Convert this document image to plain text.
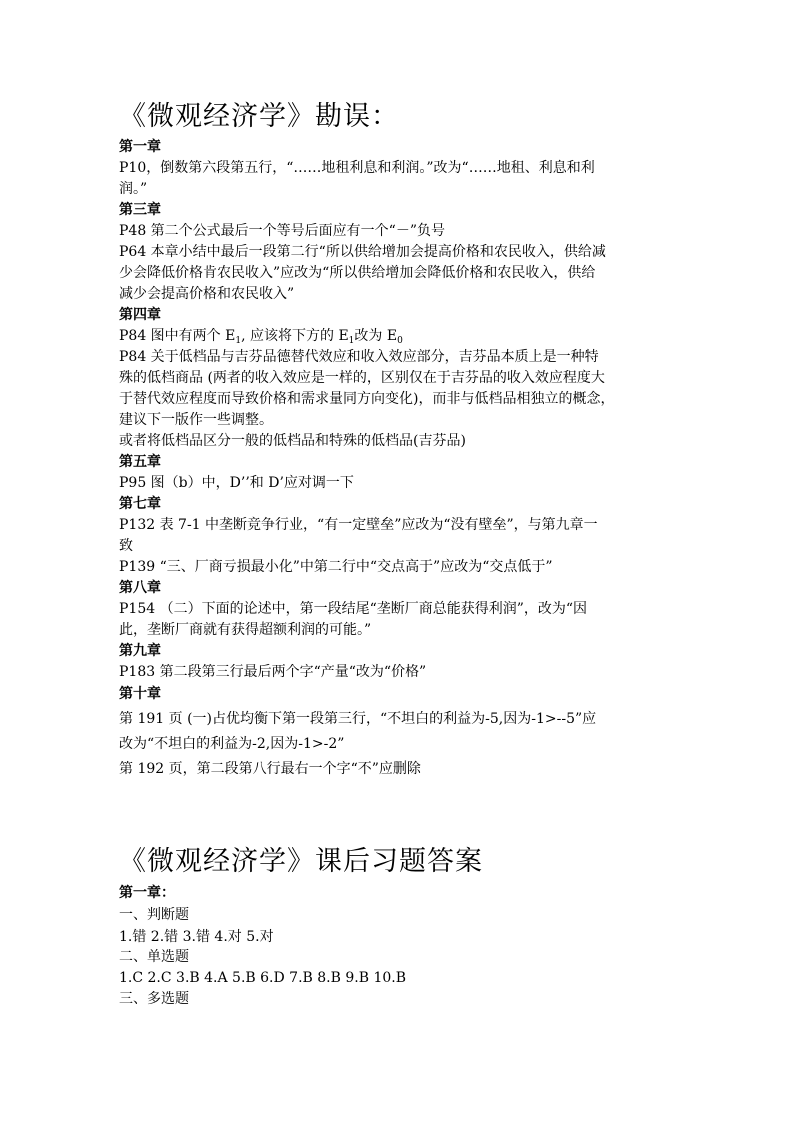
《微观经济学》勘误：
第一章
P10，倒数第六段第五行，“……地租利息和利润。”改为“……地租、利息和利
润。”
第三章
P48 第二个公式最后一个等号后面应有一个“－”负号
P64 本章小结中最后一段第二行“所以供给增加会提高价格和农民收入，供给减
少会降低价格肯农民收入”应改为“所以供给增加会降低价格和农民收入，供给
减少会提高价格和农民收入”
第四章
P84 图中有两个 $E_1$, 应该将下方的 $E_1$改为 $E_0$
P84 关于低档品与吉芬品德替代效应和收入效应部分，吉芬品本质上是一种特
殊的低档商品 (两者的收入效应是一样的，区别仅在于吉芬品的收入效应程度大
于替代效应程度而导致价格和需求量同方向变化)，而非与低档品相独立的概念，
建议下一版作一些调整。
或者将低档品区分一般的低档品和特殊的低档品(吉芬品)
第五章
P95 图（b）中，D’’和 D’应对调一下
第七章
P132 表 7-1 中垄断竞争行业，“有一定壁垒”应改为“没有壁垒”，与第九章一
致
P139 “三、厂商亏损最小化”中第二行中“交点高于”应改为“交点低于”
第八章
P154 （二）下面的论述中，第一段结尾“垄断厂商总能获得利润”，改为“因
此，垄断厂商就有获得超额利润的可能。”
第九章
P183 第二段第三行最后两个字“产量“改为“价格”
第十章
第 191 页 (一)占优均衡下第一段第三行，“不坦白的利益为-5,因为-1>--5”应
改为“不坦白的利益为-2,因为-1>-2”
第 192 页，第二段第八行最右一个字“不”应删除
《微观经济学》课后习题答案
第一章：
一、判断题
1.错 2.错 3.错 4.对 5.对
二、单选题
1.C 2.C 3.B 4.A 5.B 6.D 7.B 8.B 9.B 10.B
三、多选题
